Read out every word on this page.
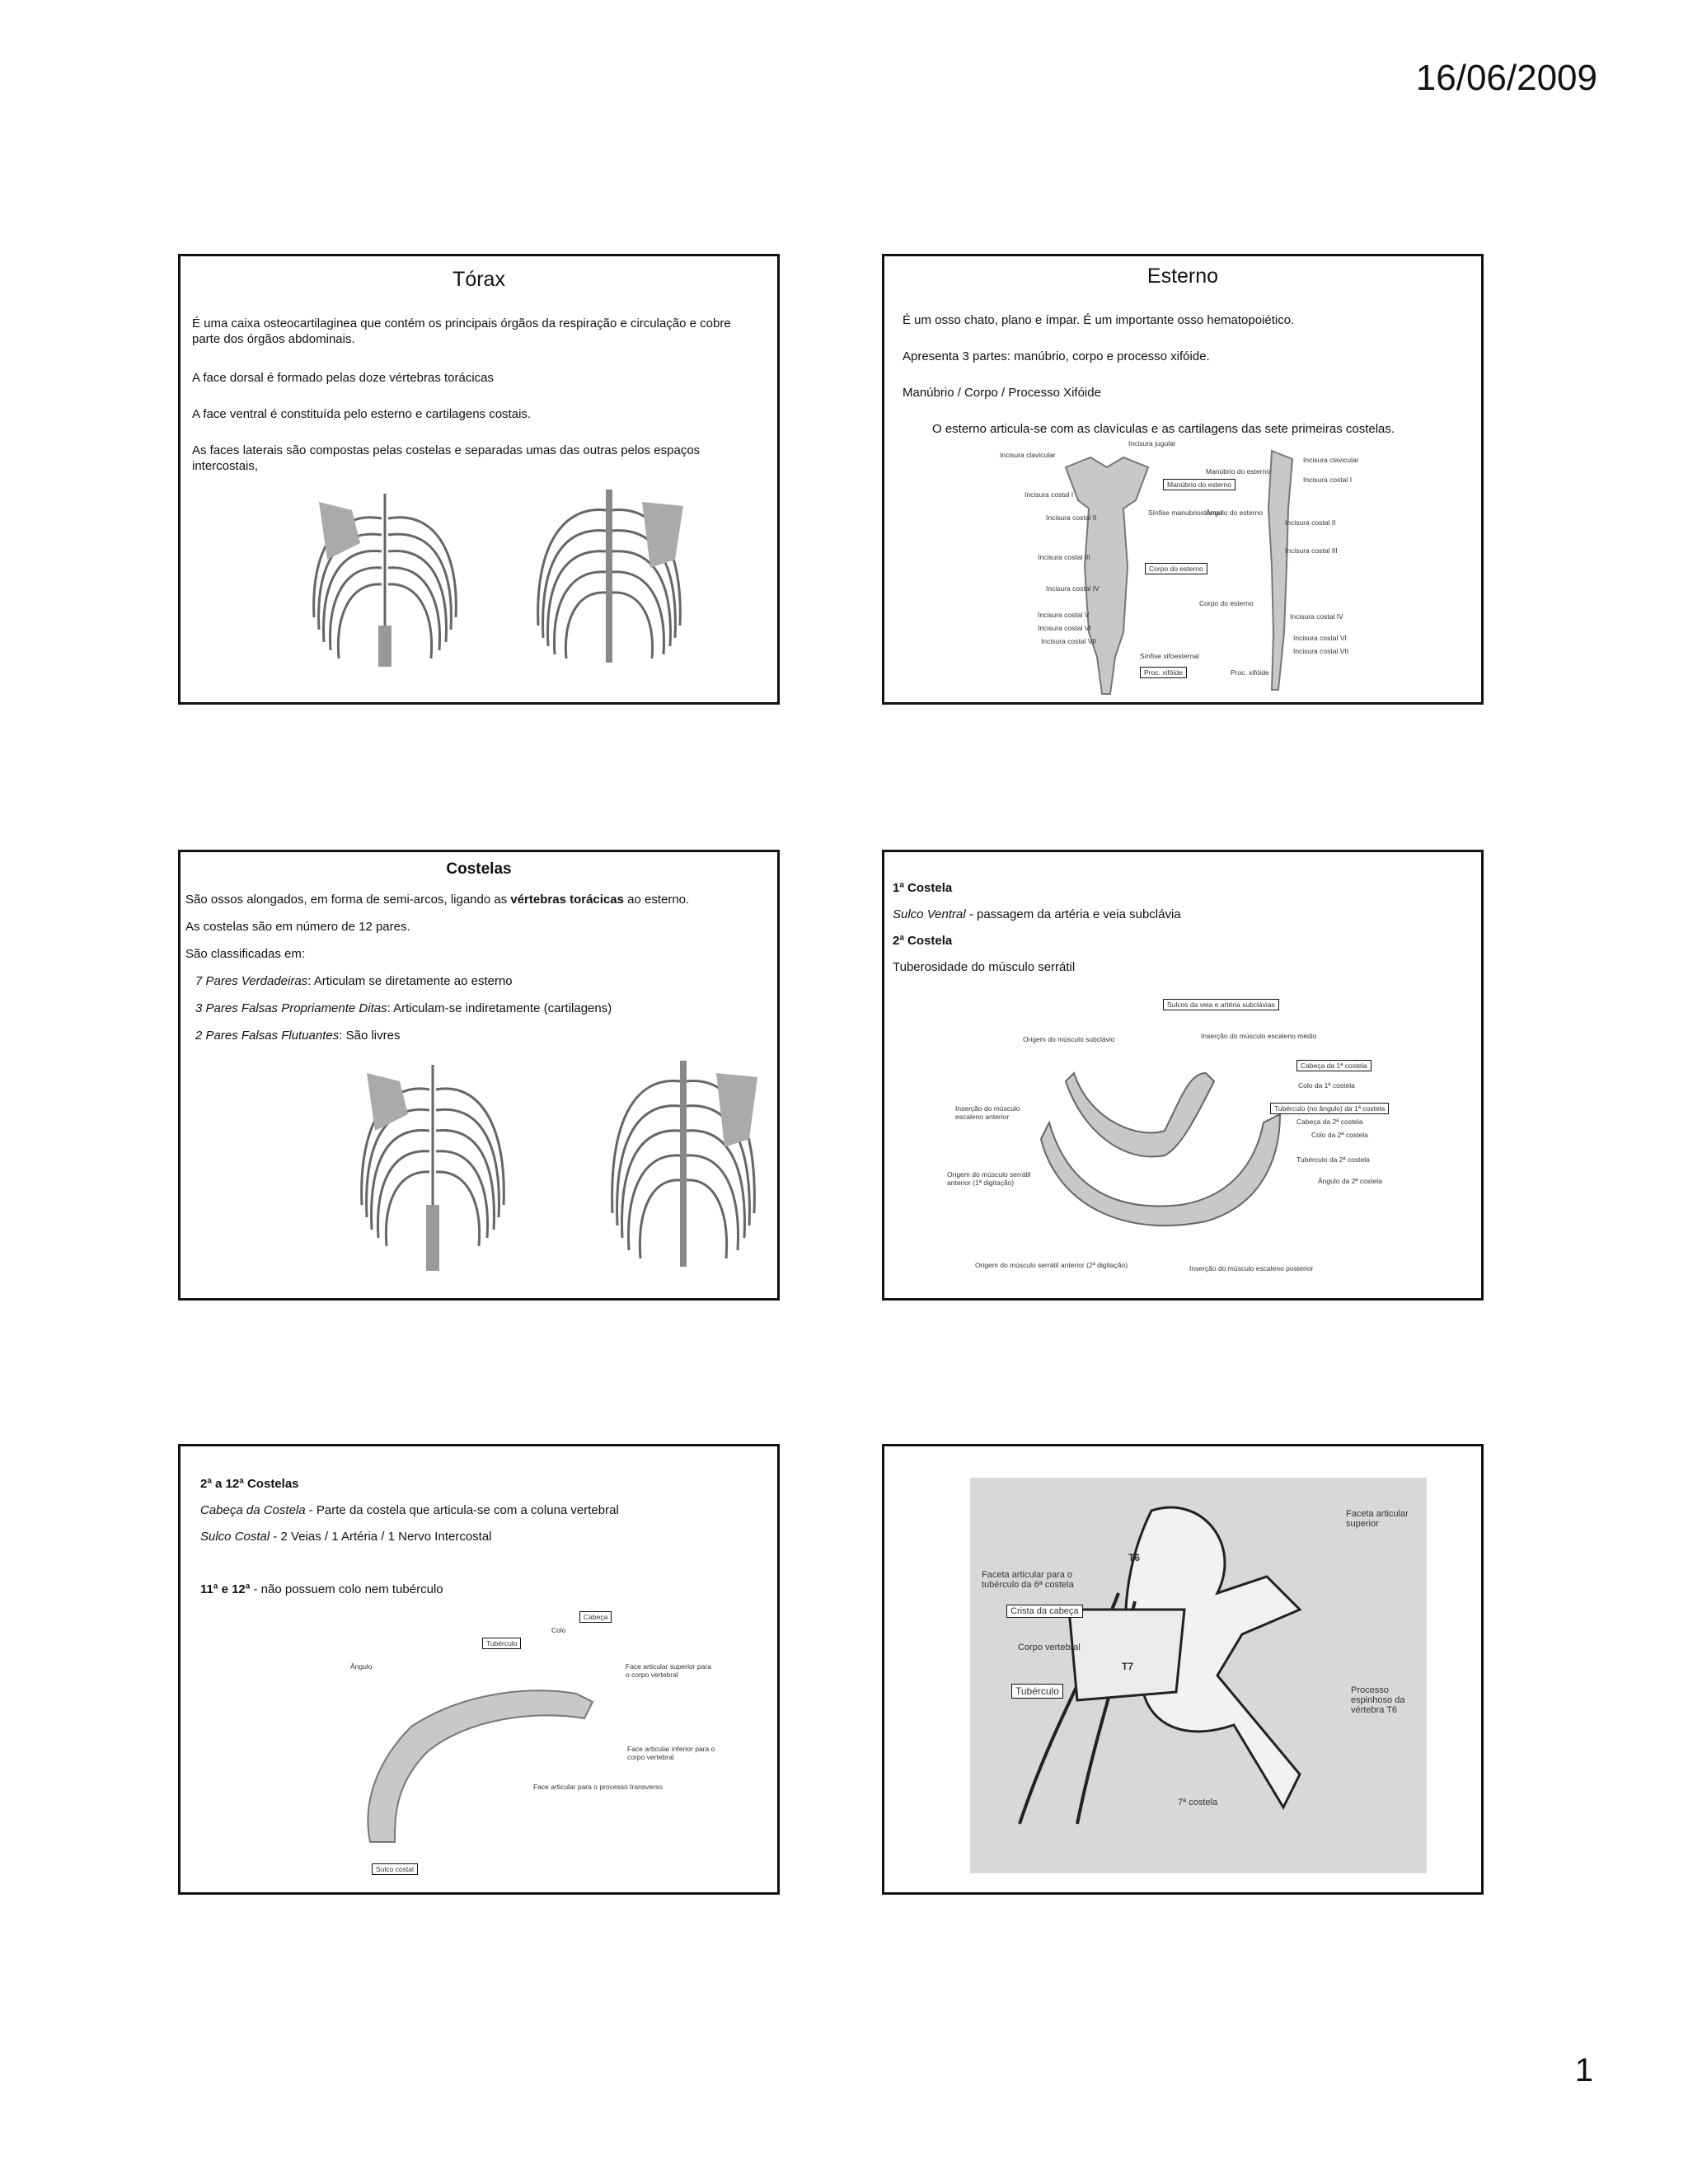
16/06/2009
Tórax
É uma caixa osteocartilaginea que contém os principais órgãos da respiração e circulação e cobre parte dos órgãos abdominais.
A face dorsal é formado pelas doze vértebras torácicas
A face ventral é constituída pelo esterno e cartilagens costais.
As faces laterais são compostas pelas costelas e separadas umas das outras pelos espaços intercostais,
Esterno
É um osso chato, plano e ímpar. É um importante osso hematopoiético.
Apresenta 3 partes: manúbrio, corpo e processo xifóide.
Manúbrio / Corpo / Processo Xifóide
O esterno articula-se com as clavículas e as cartilagens das sete primeiras costelas.
Incisura jugular
Incisura clavicular
Manúbrio do esterno
Incisura costal I
Sínfise manubriosternal
Incisura costal II
Incisura costal III
Corpo do esterno
Incisura costal IV
Incisura costal V
Incisura costal VI
Incisura costal VII
Sínfise xifoesternal
Proc. xifóide
Incisura clavicular
Manúbrio do esterno
Incisura costal I
Ângulo do esterno
Incisura costal II
Incisura costal III
Corpo do esterno
Incisura costal IV
Incisura costal VI
Incisura costal VII
Proc. xifóide
Costelas
São ossos alongados, em forma de semi-arcos, ligando as vértebras torácicas ao esterno.
As costelas são em número de 12 pares.
São classificadas em:
7 Pares Verdadeiras: Articulam se diretamente ao esterno
3 Pares Falsas Propriamente Ditas: Articulam-se indiretamente (cartilagens)
2 Pares Falsas Flutuantes: São livres
1ª Costela
Sulco Ventral - passagem da artéria e veia subclávia
2ª Costela
Tuberosidade do músculo serrátil
Sulcos da veia e artéria subclávias
Origem do músculo subclávio	Inserção do músculo escaleno médio
Cabeça da 1ª costela
Colo da 1ª costela
Inserção do músculo escaleno anterior
Tubérculo (no ângulo) da 1ª costela
Cabeça da 2ª costela
Colo da 2ª costela
Tubérculo da 2ª costela
Origem do músculo serrátil anterior (1ª digitação)	Ângulo da 2ª costela
Origem do músculo serrátil anterior (2ª digitação)	Inserção do músculo escaleno posterior
2ª a 12ª Costelas
Cabeça da Costela - Parte da costela que articula-se com a coluna vertebral
Sulco Costal - 2 Veias / 1 Artéria / 1 Nervo Intercostal
11ª e 12ª - não possuem colo nem tubérculo
Cabeça
Colo
Tubérculo
Ângulo	Face articular superior para o corpo vertebral
Face articular inferior para o corpo vertebral
Face articular para o processo transverso
Sulco costal
Faceta articular superior
T6
Faceta articular para o tubérculo da 6ª costela
Crista da cabeça
Corpo vertebral
T7
Tubérculo	Processo espinhoso da vértebra T6
7ª costela
1
